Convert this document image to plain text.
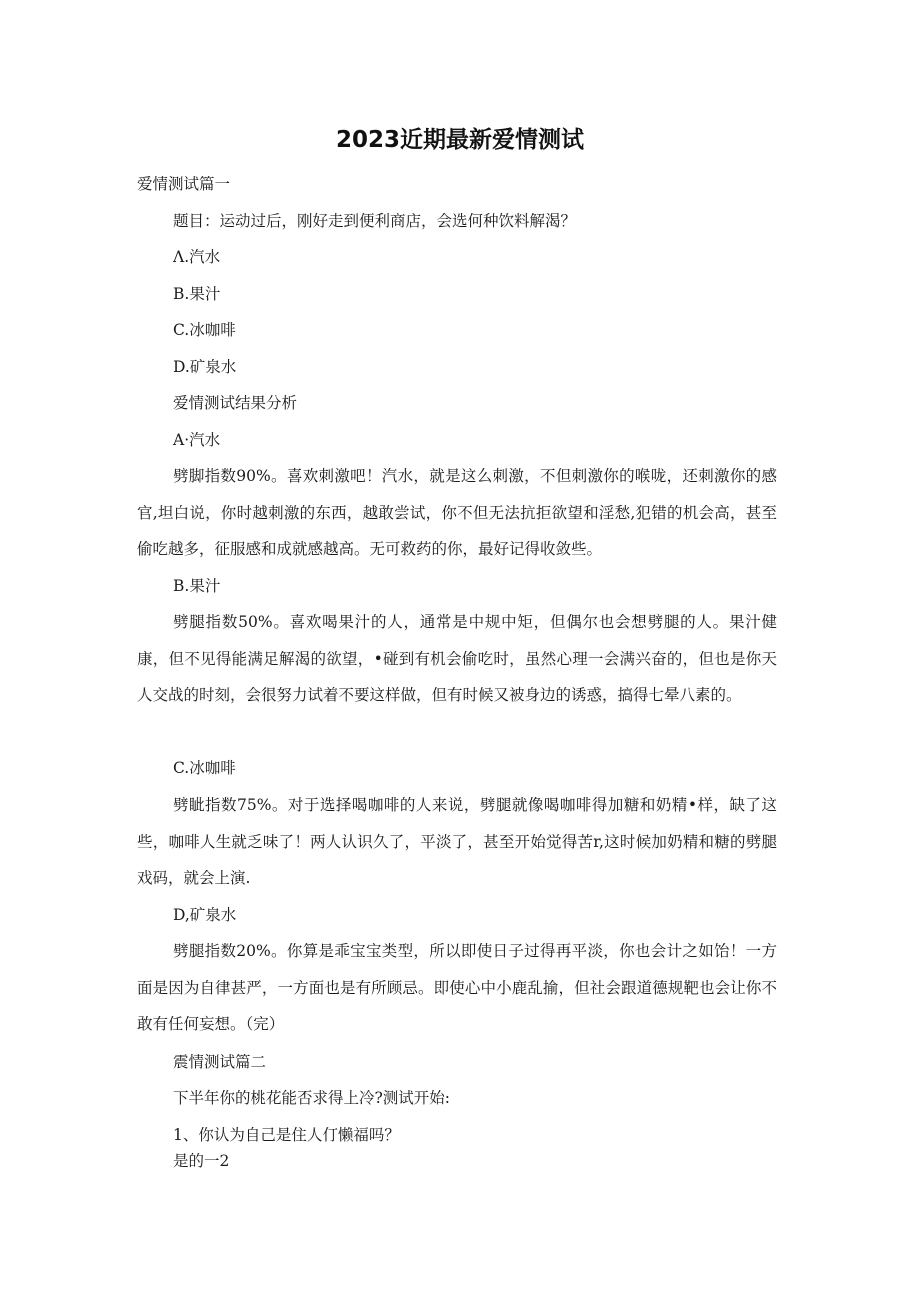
2023近期最新爱情测试
爱情测试篇一
题目：运动过后，刚好走到便利商店，会选何种饮料解渴？
Λ.汽水
B.果汁
C.冰咖啡
D.矿泉水
爱情测试结果分析
A·汽水
劈脚指数90%。喜欢刺激吧！汽水，就是这么刺激，不但刺激你的喉咙，还刺激你的感官,坦白说，你时越刺激的东西，越敢尝试，你不但无法抗拒欲望和淫愁,犯错的机会高，甚至偷吃越多，征服感和成就感越高。无可救药的你，最好记得收敛些。
B.果汁
劈腿指数50%。喜欢喝果汁的人，通常是中规中矩，但偶尔也会想劈腿的人。果汁健康，但不见得能满足解渴的欲望，•碰到有机会偷吃时，虽然心理一会满兴奋的，但也是你天人交战的时刻，会很努力试着不要这样做，但有时候又被身边的诱惑，搞得七晕八素的。
C.冰咖啡
劈眦指数75%。对于选择喝咖啡的人来说，劈腿就像喝咖啡得加糖和奶精•样，缺了这些，咖啡人生就乏味了！两人认识久了，平淡了，甚至开始觉得苦r,这时候加奶精和糖的劈腿戏码，就会上演.
D,矿泉水
劈腿指数20%。你算是乖宝宝类型，所以即使日子过得再平淡，你也会计之如饴！一方面是因为自律甚严，一方面也是有所顾忌。即使心中小鹿乱揄，但社会跟道德规靶也会让你不敢有任何妄想。（完）
震情测试篇二
下半年你的桃花能否求得上冷?测试开始:
1、你认为自己是住人仃懒福吗？
是的一2
